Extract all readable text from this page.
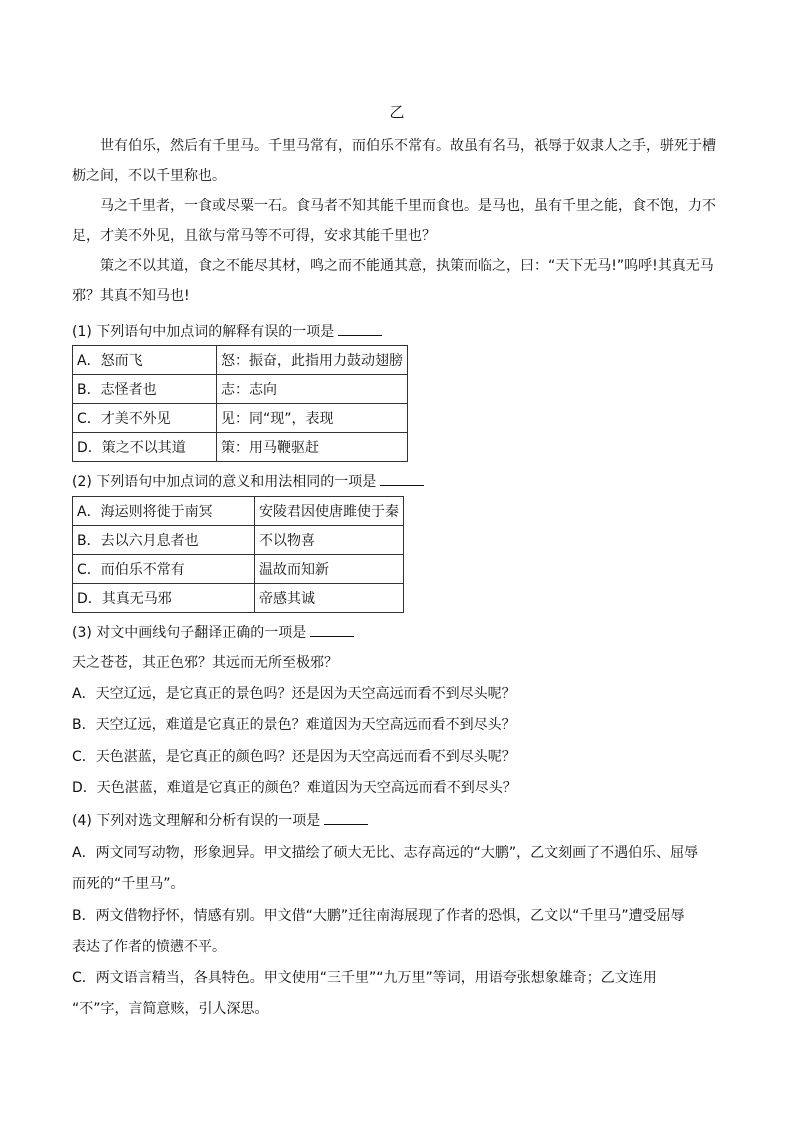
乙

世有伯乐，然后有千里马。千里马常有，而伯乐不常有。故虽有名马，祇辱于奴隶人之手，骈死于槽枥之间，不以千里称也。

马之千里者，一食或尽粟一石。食马者不知其能千里而食也。是马也，虽有千里之能，食不饱，力不足，才美不外见，且欲与常马等不可得，安求其能千里也？

策之不以其道，食之不能尽其材，鸣之而不能通其意，执策而临之，曰：“天下无马!”呜呼!其真无马邪？其真不知马也!

(1) 下列语句中加点词的解释有误的一项是

A．怒而飞	怒：振奋，此指用力鼓动翅膀
B．志怪者也	志：志向
C．才美不外见	见：同“现”，表现
D．策之不以其道	策：用马鞭驱赶

(2) 下列语句中加点词的意义和用法相同的一项是

A．海运则将徙于南冥	安陵君因使唐雎使于秦
B．去以六月息者也	不以物喜
C．而伯乐不常有	温故而知新
D．其真无马邪	帝感其诚

(3) 对文中画线句子翻译正确的一项是

天之苍苍，其正色邪？其远而无所至极邪？

A．天空辽远，是它真正的景色吗？还是因为天空高远而看不到尽头呢？

B．天空辽远，难道是它真正的景色？难道因为天空高远而看不到尽头？

C．天色湛蓝，是它真正的颜色吗？还是因为天空高远而看不到尽头呢？

D．天色湛蓝，难道是它真正的颜色？难道因为天空高远而看不到尽头？

(4) 下列对选文理解和分析有误的一项是

A．两文同写动物，形象迥异。甲文描绘了硕大无比、志存高远的“大鹏”，乙文刻画了不遇伯乐、屈辱

而死的“千里马”。

B．两文借物抒怀，情感有别。甲文借“大鹏”迁往南海展现了作者的恐惧，乙文以“千里马”遭受屈辱

表达了作者的愤懑不平。

C．两文语言精当，各具特色。甲文使用“三千里”“九万里”等词，用语夸张想象雄奇；乙文连用

“不”字，言简意赅，引人深思。
